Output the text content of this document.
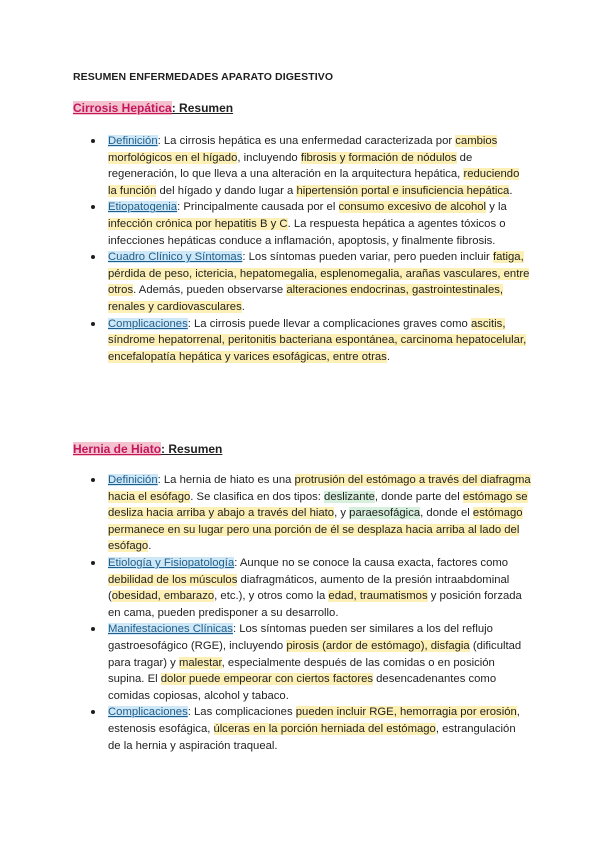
RESUMEN ENFERMEDADES APARATO DIGESTIVO
Cirrosis Hepática: Resumen
Definición: La cirrosis hepática es una enfermedad caracterizada por cambios morfológicos en el hígado, incluyendo fibrosis y formación de nódulos de regeneración, lo que lleva a una alteración en la arquitectura hepática, reduciendo la función del hígado y dando lugar a hipertensión portal e insuficiencia hepática.
Etiopatogenia: Principalmente causada por el consumo excesivo de alcohol y la infección crónica por hepatitis B y C. La respuesta hepática a agentes tóxicos o infecciones hepáticas conduce a inflamación, apoptosis, y finalmente fibrosis.
Cuadro Clínico y Síntomas: Los síntomas pueden variar, pero pueden incluir fatiga, pérdida de peso, ictericia, hepatomegalia, esplenomegalia, arañas vasculares, entre otros. Además, pueden observarse alteraciones endocrinas, gastrointestinales, renales y cardiovasculares.
Complicaciones: La cirrosis puede llevar a complicaciones graves como ascitis, síndrome hepatorrenal, peritonitis bacteriana espontánea, carcinoma hepatocelular, encefalopatía hepática y varices esofágicas, entre otras.
Hernia de Hiato: Resumen
Definición: La hernia de hiato es una protrusión del estómago a través del diafragma hacia el esófago. Se clasifica en dos tipos: deslizante, donde parte del estómago se desliza hacia arriba y abajo a través del hiato, y paraesofágica, donde el estómago permanece en su lugar pero una porción de él se desplaza hacia arriba al lado del esófago.
Etiología y Fisiopatología: Aunque no se conoce la causa exacta, factores como debilidad de los músculos diafragmáticos, aumento de la presión intraabdominal (obesidad, embarazo, etc.), y otros como la edad, traumatismos y posición forzada en cama, pueden predisponer a su desarrollo.
Manifestaciones Clínicas: Los síntomas pueden ser similares a los del reflujo gastroesofágico (RGE), incluyendo pirosis (ardor de estómago), disfagia (dificultad para tragar) y malestar, especialmente después de las comidas o en posición supina. El dolor puede empeorar con ciertos factores desencadenantes como comidas copiosas, alcohol y tabaco.
Complicaciones: Las complicaciones pueden incluir RGE, hemorragia por erosión, estenosis esofágica, úlceras en la porción herniada del estómago, estrangulación de la hernia y aspiración traqueal.
